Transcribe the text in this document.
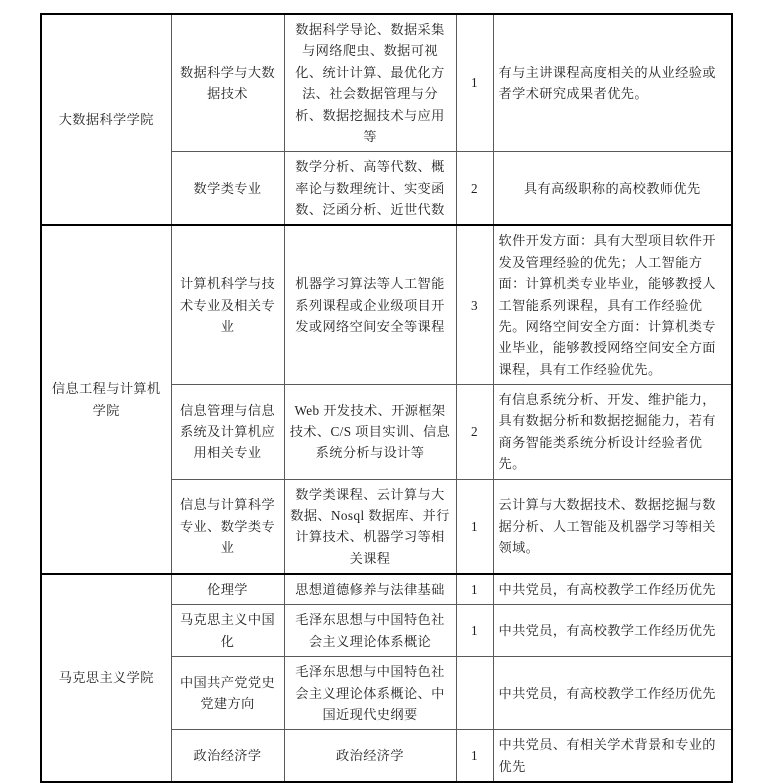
大数据科学学院	数据科学与大数据技术	数据科学导论、数据采集与网络爬虫、数据可视化、统计计算、最优化方法、社会数据管理与分析、数据挖掘技术与应用等	1	有与主讲课程高度相关的从业经验或者学术研究成果者优先。
	数学类专业	数学分析、高等代数、概率论与数理统计、实变函数、泛函分析、近世代数	2	具有高级职称的高校教师优先
信息工程与计算机学院	计算机科学与技术专业及相关专业	机器学习算法等人工智能系列课程或企业级项目开发或网络空间安全等课程	3	软件开发方面：具有大型项目软件开发及管理经验的优先；人工智能方面：计算机类专业毕业，能够教授人工智能系列课程，具有工作经验优先。网络空间安全方面：计算机类专业毕业，能够教授网络空间安全方面课程，具有工作经验优先。
	信息管理与信息系统及计算机应用相关专业	Web 开发技术、开源框架技术、C/S 项目实训、信息系统分析与设计等	2	有信息系统分析、开发、维护能力，具有数据分析和数据挖掘能力，若有商务智能类系统分析设计经验者优先。
	信息与计算科学专业、数学类专业	数学类课程、云计算与大数据、Nosql 数据库、并行计算技术、机器学习等相关课程	1	云计算与大数据技术、数据挖掘与数据分析、人工智能及机器学习等相关领域。
马克思主义学院	伦理学	思想道德修养与法律基础	1	中共党员，有高校教学工作经历优先
	马克思主义中国化	毛泽东思想与中国特色社会主义理论体系概论	1	中共党员，有高校教学工作经历优先
	中国共产党党史党建方向	毛泽东思想与中国特色社会主义理论体系概论、中国近现代史纲要		中共党员，有高校教学工作经历优先
	政治经济学	政治经济学	1	中共党员、有相关学术背景和专业的优先
